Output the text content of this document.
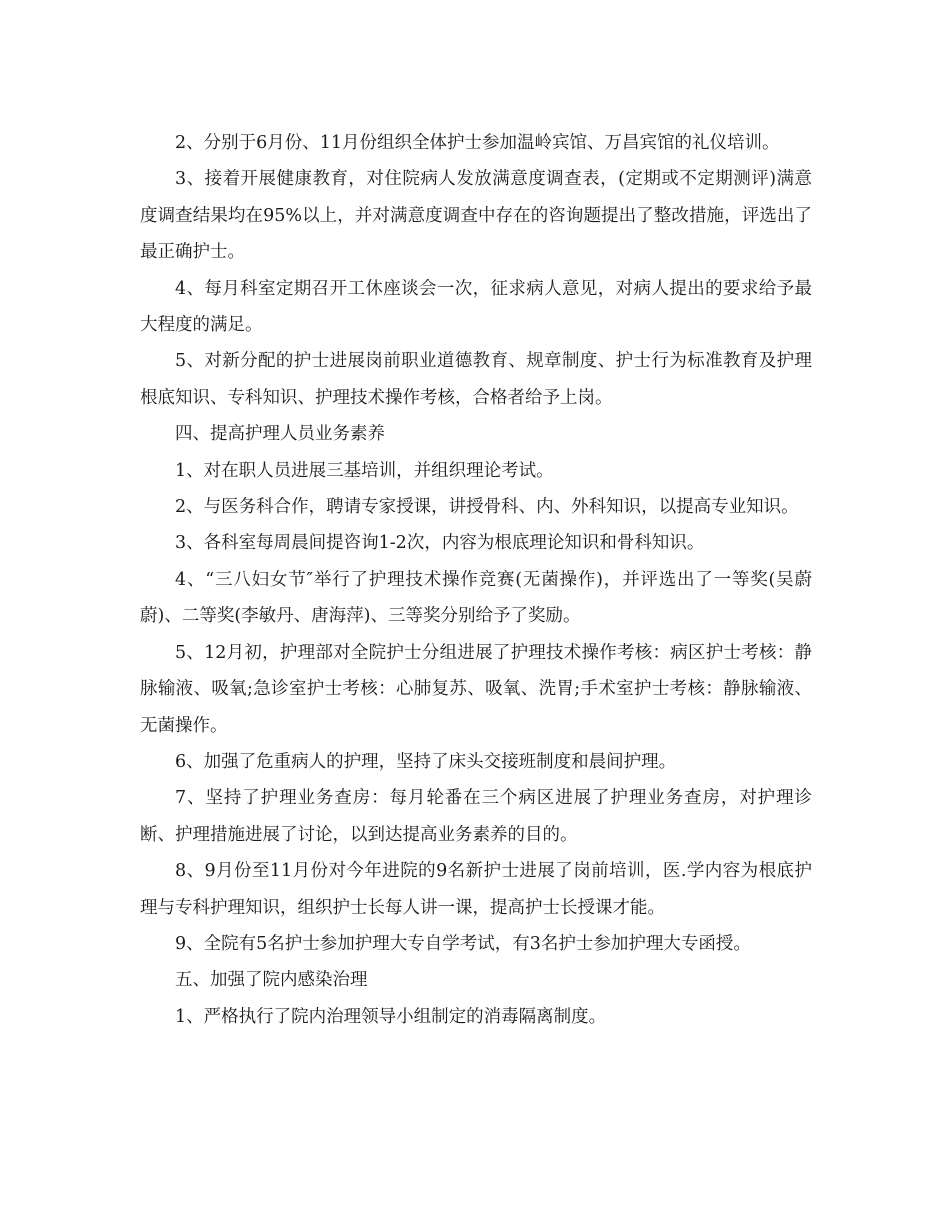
2、分别于6月份、11月份组织全体护士参加温岭宾馆、万昌宾馆的礼仪培训。

3、接着开展健康教育，对住院病人发放满意度调查表，(定期或不定期测评)满意度调查结果均在95%以上，并对满意度调查中存在的咨询题提出了整改措施，评选出了最正确护士。

4、每月科室定期召开工休座谈会一次，征求病人意见，对病人提出的要求给予最大程度的满足。

5、对新分配的护士进展岗前职业道德教育、规章制度、护士行为标准教育及护理根底知识、专科知识、护理技术操作考核，合格者给予上岗。

四、提高护理人员业务素养

1、对在职人员进展三基培训，并组织理论考试。

2、与医务科合作，聘请专家授课，讲授骨科、内、外科知识，以提高专业知识。

3、各科室每周晨间提咨询1-2次，内容为根底理论知识和骨科知识。

4、“三八妇女节″举行了护理技术操作竞赛(无菌操作)，并评选出了一等奖(吴蔚蔚)、二等奖(李敏丹、唐海萍)、三等奖分别给予了奖励。

5、12月初，护理部对全院护士分组进展了护理技术操作考核：病区护士考核：静脉输液、吸氧;急诊室护士考核：心肺复苏、吸氧、洗胃;手术室护士考核：静脉输液、无菌操作。

6、加强了危重病人的护理，坚持了床头交接班制度和晨间护理。

7、坚持了护理业务查房：每月轮番在三个病区进展了护理业务查房，对护理诊断、护理措施进展了讨论，以到达提高业务素养的目的。

8、9月份至11月份对今年进院的9名新护士进展了岗前培训，医.学内容为根底护理与专科护理知识，组织护士长每人讲一课，提高护士长授课才能。

9、全院有5名护士参加护理大专自学考试，有3名护士参加护理大专函授。

五、加强了院内感染治理

1、严格执行了院内治理领导小组制定的消毒隔离制度。
